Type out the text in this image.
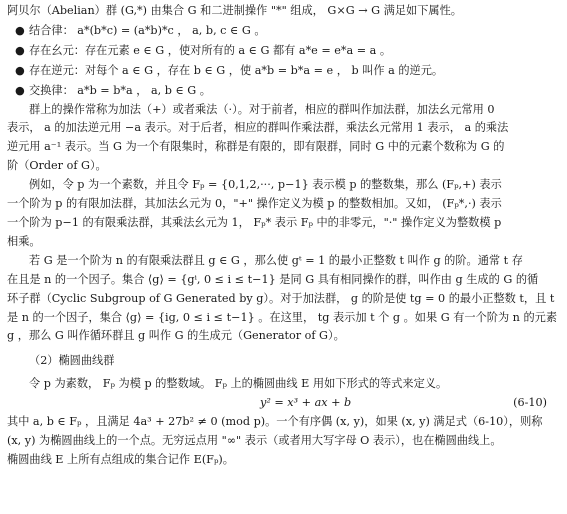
阿贝尔（Abelian）群 (G,*) 由集合 G 和二进制操作 "*" 组成， G×G → G 满足如下属性。

● 结合律： a*(b*c) = (a*b)*c ， a, b, c ∈ G 。

● 存在幺元：存在元素 e ∈ G ，使对所有的 a ∈ G 都有 a*e = e*a = a 。

● 存在逆元：对每个 a ∈ G ，存在 b ∈ G ，使 a*b = b*a = e ， b 叫作 a 的逆元。

● 交换律： a*b = b*a ， a, b ∈ G 。

群上的操作常称为加法（+）或者乘法（·）。对于前者，相应的群叫作加法群，加法幺元常用 0

表示， a 的加法逆元用 −a 表示。对于后者，相应的群叫作乘法群，乘法幺元常用 1 表示， a 的乘法

逆元用 a⁻¹ 表示。当 G 为一个有限集时，称群是有限的，即有限群，同时 G 中的元素个数称为 G 的

阶（Order of G）。

例如，令 p 为一个素数，并且令 Fₚ = {0,1,2,···, p−1} 表示模 p 的整数集，那么 (Fₚ,+) 表示

一个阶为 p 的有限加法群，其加法幺元为 0，"+" 操作定义为模 p 的整数相加。又如， (Fₚ*,·) 表示

一个阶为 p−1 的有限乘法群，其乘法幺元为 1， Fₚ* 表示 Fₚ 中的非零元，"·" 操作定义为整数模 p

相乘。

若 G 是一个阶为 n 的有限乘法群且 g ∈ G ，那么使 gᵗ = 1 的最小正整数 t 叫作 g 的阶。通常 t 存

在且是 n 的一个因子。集合 ⟨g⟩ = {gⁱ, 0 ≤ i ≤ t−1} 是同 G 具有相同操作的群，叫作由 g 生成的 G 的循

环子群（Cyclic Subgroup of G Generated by g）。对于加法群， g 的阶是使 tg = 0 的最小正整数 t，且 t

是 n 的一个因子，集合 ⟨g⟩ = {ig, 0 ≤ i ≤ t−1} 。在这里， tg 表示加 t 个 g 。如果 G 有一个阶为 n 的元素

g ，那么 G 叫作循环群且 g 叫作 G 的生成元（Generator of G）。

（2）椭圆曲线群

令 p 为素数， Fₚ 为模 p 的整数域。 Fₚ 上的椭圆曲线 E 用如下形式的等式来定义。

y² = x³ + ax + b	(6-10)

其中 a, b ∈ Fₚ ，且满足 4a³ + 27b² ≠ 0 (mod p)。一个有序偶 (x, y)，如果 (x, y) 满足式（6-10），则称

(x, y) 为椭圆曲线上的一个点。无穷远点用 "∞" 表示（或者用大写字母 O 表示），也在椭圆曲线上。

椭圆曲线 E 上所有点组成的集合记作 E(Fₚ)。
